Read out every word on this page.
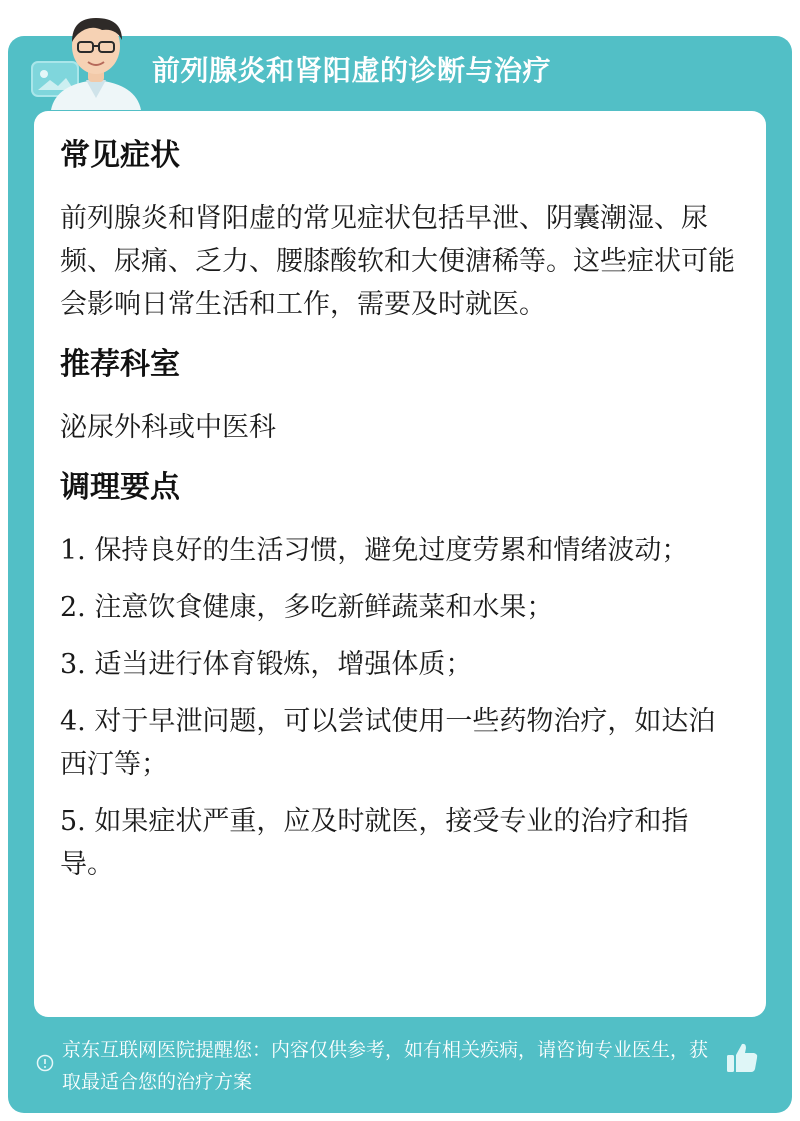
前列腺炎和肾阳虚的诊断与治疗
常见症状

前列腺炎和肾阳虚的常见症状包括早泄、阴囊潮湿、尿频、尿痛、乏力、腰膝酸软和大便溏稀等。这些症状可能会影响日常生活和工作，需要及时就医。

推荐科室

泌尿外科或中医科

调理要点
1. 保持良好的生活习惯，避免过度劳累和情绪波动；
2. 注意饮食健康，多吃新鲜蔬菜和水果；
3. 适当进行体育锻炼，增强体质；
4. 对于早泄问题，可以尝试使用一些药物治疗，如达泊西汀等；
5. 如果症状严重，应及时就医，接受专业的治疗和指导。
京东互联网医院提醒您：内容仅供参考，如有相关疾病，请咨询专业医生，获取最适合您的治疗方案
